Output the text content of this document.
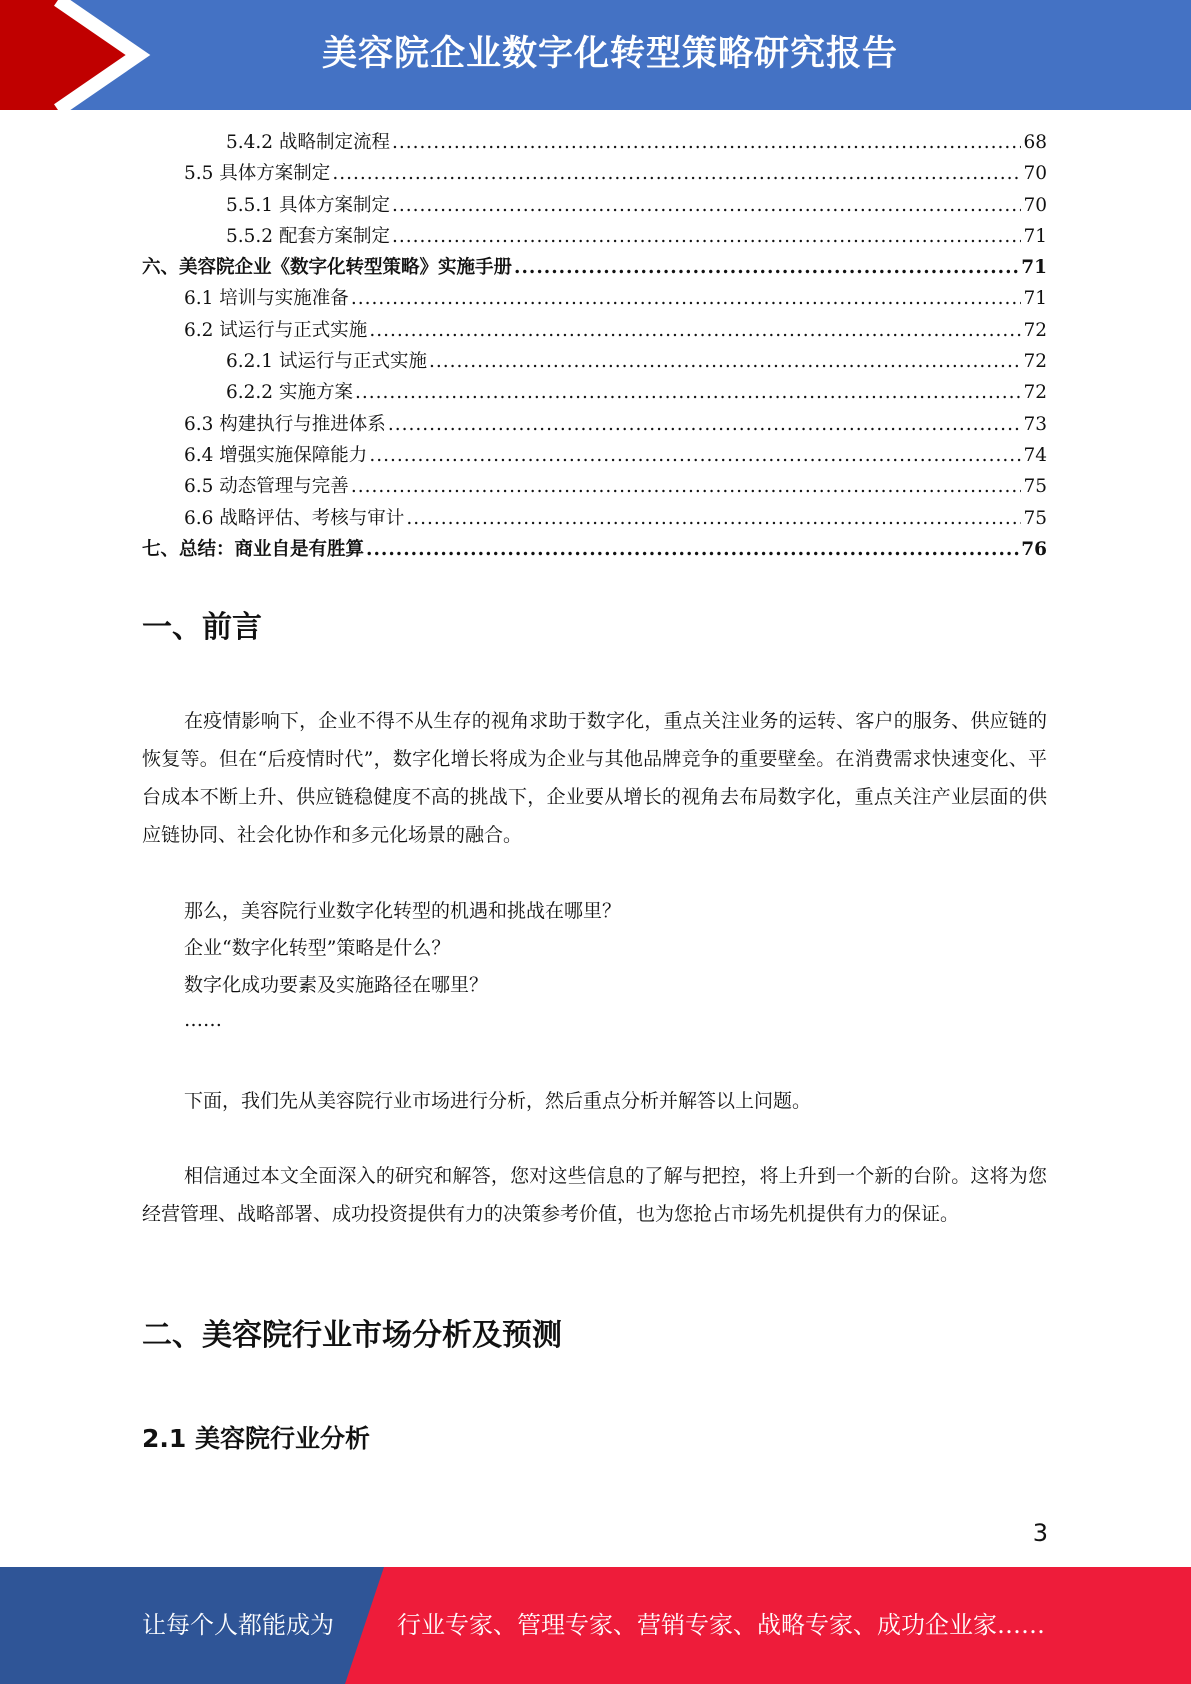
美容院企业数字化转型策略研究报告
5.4.2 战略制定流程 .....	68
5.5 具体方案制定 .....	70
5.5.1 具体方案制定 .....	70
5.5.2 配套方案制定 .....	71
六、美容院企业《数字化转型策略》实施手册 .....	71
6.1 培训与实施准备 .....	71
6.2 试运行与正式实施 .....	72
6.2.1 试运行与正式实施 .....	72
6.2.2 实施方案 .....	72
6.3 构建执行与推进体系 .....	73
6.4 增强实施保障能力 .....	74
6.5 动态管理与完善 .....	75
6.6 战略评估、考核与审计 .....	75
七、总结：商业自是有胜算 .....	76
一、前言

在疫情影响下，企业不得不从生存的视角求助于数字化，重点关注业务的运转、客户的服务、供应链的恢复等。但在“后疫情时代”，数字化增长将成为企业与其他品牌竞争的重要壁垒。在消费需求快速变化、平台成本不断上升、供应链稳健度不高的挑战下，企业要从增长的视角去布局数字化，重点关注产业层面的供应链协同、社会化协作和多元化场景的融合。

那么，美容院行业数字化转型的机遇和挑战在哪里？

企业“数字化转型”策略是什么？

数字化成功要素及实施路径在哪里？

……

下面，我们先从美容院行业市场进行分析，然后重点分析并解答以上问题。

相信通过本文全面深入的研究和解答，您对这些信息的了解与把控，将上升到一个新的台阶。这将为您经营管理、战略部署、成功投资提供有力的决策参考价值，也为您抢占市场先机提供有力的保证。

二、美容院行业市场分析及预测
2.1 美容院行业分析
3
让每个人都能成为	行业专家、管理专家、营销专家、战略专家、成功企业家……
